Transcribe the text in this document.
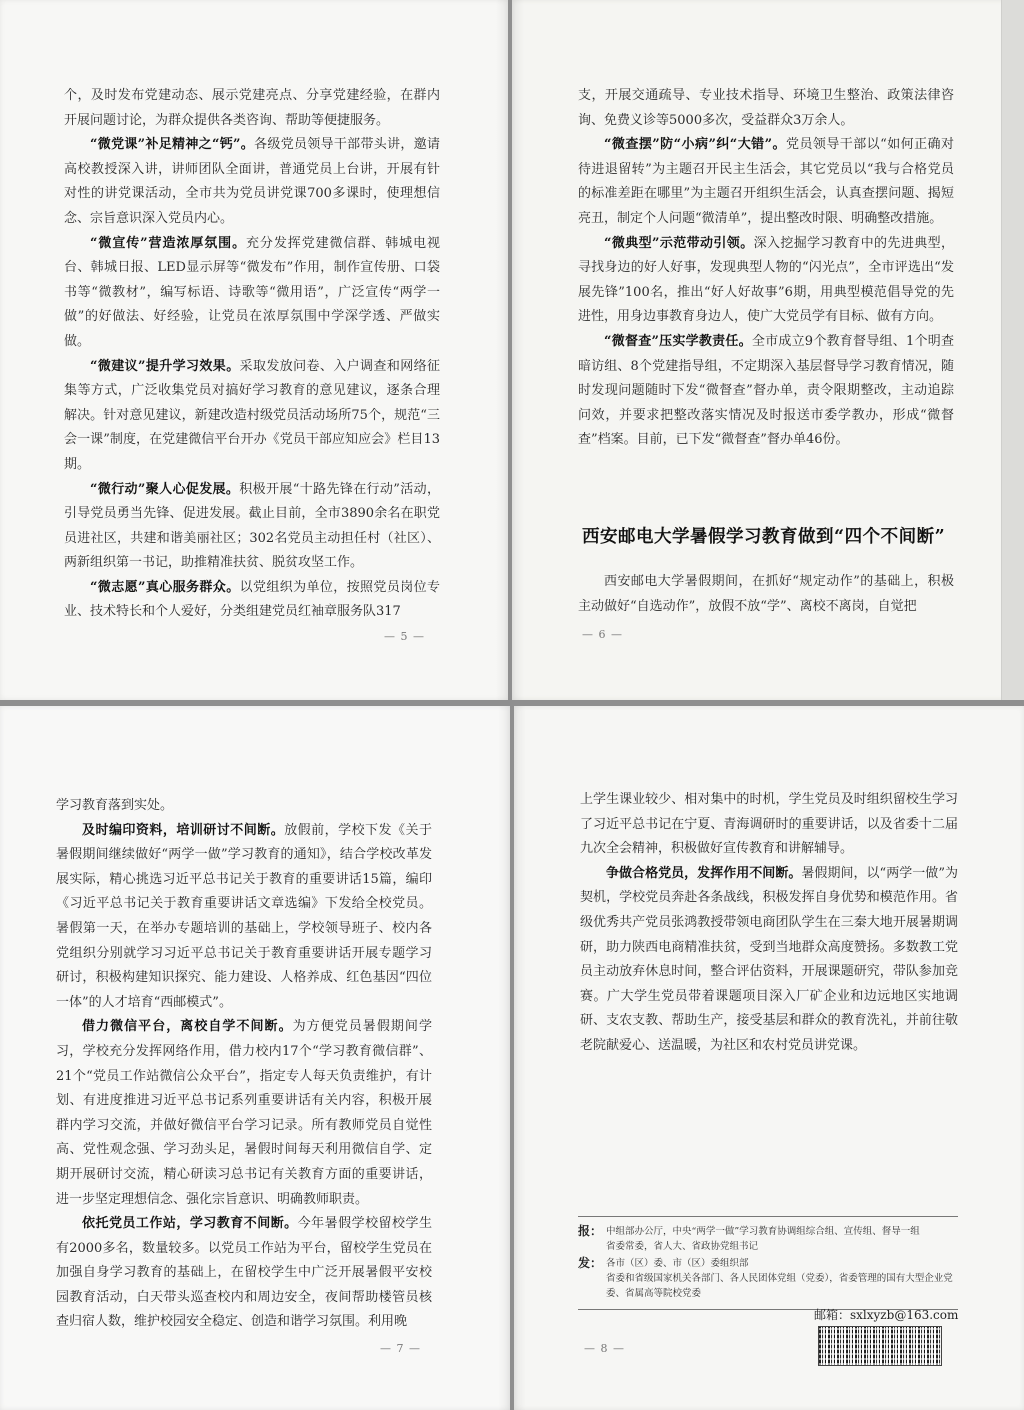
个，及时发布党建动态、展示党建亮点、分享党建经验，在群内开展问题讨论，为群众提供各类咨询、帮助等便捷服务。

“微党课”补足精神之“钙”。各级党员领导干部带头讲，邀请高校教授深入讲，讲师团队全面讲，普通党员上台讲，开展有针对性的讲党课活动，全市共为党员讲党课700多课时，使理想信念、宗旨意识深入党员内心。

“微宣传”营造浓厚氛围。充分发挥党建微信群、韩城电视台、韩城日报、LED显示屏等“微发布”作用，制作宣传册、口袋书等“微教材”，编写标语、诗歌等“微用语”，广泛宣传“两学一做”的好做法、好经验，让党员在浓厚氛围中学深学透、严做实做。

“微建议”提升学习效果。采取发放问卷、入户调查和网络征集等方式，广泛收集党员对搞好学习教育的意见建议，逐条合理解决。针对意见建议，新建改造村级党员活动场所75个，规范“三会一课”制度，在党建微信平台开办《党员干部应知应会》栏目13期。

“微行动”聚人心促发展。积极开展“十路先锋在行动”活动，引导党员勇当先锋、促进发展。截止目前，全市3890余名在职党员进社区，共建和谐美丽社区；302名党员主动担任村（社区）、两新组织第一书记，助推精准扶贫、脱贫攻坚工作。

“微志愿”真心服务群众。以党组织为单位，按照党员岗位专业、技术特长和个人爱好，分类组建党员红袖章服务队317

— 5 —

支，开展交通疏导、专业技术指导、环境卫生整治、政策法律咨询、免费义诊等5000多次，受益群众3万余人。

“微查摆”防“小病”纠“大错”。党员领导干部以“如何正确对待进退留转”为主题召开民主生活会，其它党员以“我与合格党员的标准差距在哪里”为主题召开组织生活会，认真查摆问题、揭短亮丑，制定个人问题“微清单”，提出整改时限、明确整改措施。

“微典型”示范带动引领。深入挖掘学习教育中的先进典型，寻找身边的好人好事，发现典型人物的“闪光点”，全市评选出“发展先锋”100名，推出“好人好故事”6期，用典型模范倡导党的先进性，用身边事教育身边人，使广大党员学有目标、做有方向。

“微督查”压实学教责任。全市成立9个教育督导组、1个明查暗访组、8个党建指导组，不定期深入基层督导学习教育情况，随时发现问题随时下发“微督查”督办单，责令限期整改，主动追踪问效，并要求把整改落实情况及时报送市委学教办，形成“微督查”档案。目前，已下发“微督查”督办单46份。

西安邮电大学暑假学习教育做到“四个不间断”

西安邮电大学暑假期间，在抓好“规定动作”的基础上，积极主动做好“自选动作”，放假不放“学”、离校不离岗，自觉把

— 6 —

学习教育落到实处。

及时编印资料，培训研讨不间断。放假前，学校下发《关于暑假期间继续做好“两学一做”学习教育的通知》，结合学校改革发展实际，精心挑选习近平总书记关于教育的重要讲话15篇，编印《习近平总书记关于教育重要讲话文章选编》下发给全校党员。暑假第一天，在举办专题培训的基础上，学校领导班子、校内各党组织分别就学习习近平总书记关于教育重要讲话开展专题学习研讨，积极构建知识探究、能力建设、人格养成、红色基因“四位一体”的人才培育“西邮模式”。

借力微信平台，离校自学不间断。为方便党员暑假期间学习，学校充分发挥网络作用，借力校内17个“学习教育微信群”、21个“党员工作站微信公众平台”，指定专人每天负责维护，有计划、有进度推进习近平总书记系列重要讲话有关内容，积极开展群内学习交流，并做好微信平台学习记录。所有教师党员自觉性高、党性观念强、学习劲头足，暑假时间每天利用微信自学、定期开展研讨交流，精心研读习总书记有关教育方面的重要讲话，进一步坚定理想信念、强化宗旨意识、明确教师职责。

依托党员工作站，学习教育不间断。今年暑假学校留校学生有2000多名，数量较多。以党员工作站为平台，留校学生党员在加强自身学习教育的基础上，在留校学生中广泛开展暑假平安校园教育活动，白天带头巡查校内和周边安全，夜间帮助楼管员核查归宿人数，维护校园安全稳定、创造和谐学习氛围。利用晚

— 7 —

上学生课业较少、相对集中的时机，学生党员及时组织留校生学习了习近平总书记在宁夏、青海调研时的重要讲话，以及省委十二届九次全会精神，积极做好宣传教育和讲解辅导。

争做合格党员，发挥作用不间断。暑假期间，以“两学一做”为契机，学校党员奔赴各条战线，积极发挥自身优势和模范作用。省级优秀共产党员张鸿教授带领电商团队学生在三秦大地开展暑期调研，助力陕西电商精准扶贫，受到当地群众高度赞扬。多数教工党员主动放弃休息时间，整合评估资料，开展课题研究，带队参加竞赛。广大学生党员带着课题项目深入厂矿企业和边远地区实地调研、支农支教、帮助生产，接受基层和群众的教育洗礼，并前往敬老院献爱心、送温暖，为社区和农村党员讲党课。

报： 中组部办公厅，中央“两学一做”学习教育协调组综合组、宣传组、督导一组
省委常委，省人大、省政协党组书记
发： 各市（区）委、市（区）委组织部
省委和省级国家机关各部门、各人民团体党组（党委），省委管理的国有大型企业党委、省属高等院校党委
邮箱：sxlxyzb@163.com
— 8 —
